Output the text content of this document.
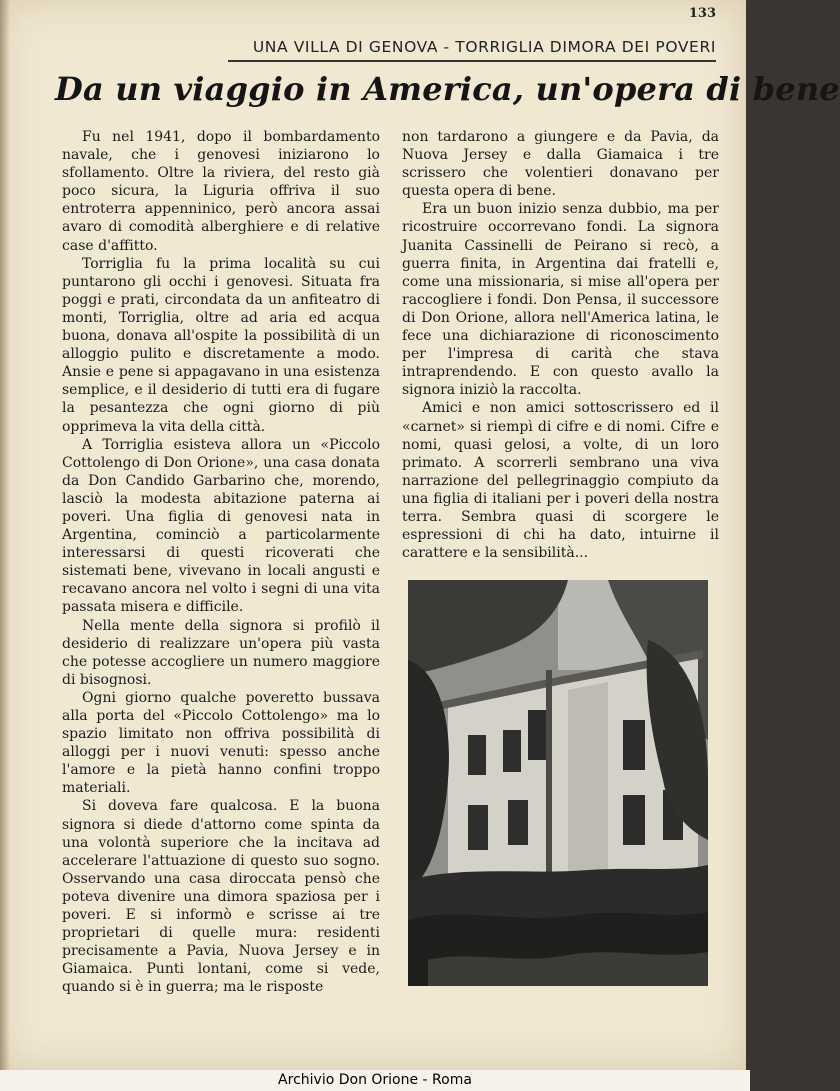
133
UNA VILLA DI GENOVA - TORRIGLIA DIMORA DEI POVERI
Da un viaggio in America, un'opera di bene

Fu nel 1941, dopo il bombardamento navale, che i genovesi iniziarono lo sfollamento. Oltre la riviera, del resto già poco sicura, la Liguria offriva il suo entroterra appenninico, però ancora assai avaro di comodità alberghiere e di relative case d'affitto.

Torriglia fu la prima località su cui puntarono gli occhi i genovesi. Situata fra poggi e prati, circondata da un anfiteatro di monti, Torriglia, oltre ad aria ed acqua buona, donava all'ospite la possibilità di un alloggio pulito e discretamente a modo. Ansie e pene si appagavano in una esistenza semplice, e il desiderio di tutti era di fugare la pesantezza che ogni giorno di più opprimeva la vita della città.

A Torriglia esisteva allora un «Piccolo Cottolengo di Don Orione», una casa donata da Don Candido Garbarino che, morendo, lasciò la modesta abitazione paterna ai poveri. Una figlia di genovesi nata in Argentina, cominciò a particolarmente interessarsi di questi ricoverati che sistemati bene, vivevano in locali angusti e recavano ancora nel volto i segni di una vita passata misera e difficile.

Nella mente della signora si profilò il desiderio di realizzare un'opera più vasta che potesse accogliere un numero maggiore di bisognosi.

Ogni giorno qualche poveretto bussava alla porta del «Piccolo Cottolengo» ma lo spazio limitato non offriva possibilità di alloggi per i nuovi venuti: spesso anche l'amore e la pietà hanno confini troppo materiali.

Si doveva fare qualcosa. E la buona signora si diede d'attorno come spinta da una volontà superiore che la incitava ad accelerare l'attuazione di questo suo sogno. Osservando una casa diroccata pensò che poteva divenire una dimora spaziosa per i poveri. E si informò e scrisse ai tre proprietari di quelle mura: residenti precisamente a Pavia, Nuova Jersey e in Giamaica. Punti lontani, come si vede, quando si è in guerra; ma le risposte

non tardarono a giungere e da Pavia, da Nuova Jersey e dalla Giamaica i tre scrissero che volentieri donavano per questa opera di bene.

Era un buon inizio senza dubbio, ma per ricostruire occorrevano fondi. La signora Juanita Cassinelli de Peirano si recò, a guerra finita, in Argentina dai fratelli e, come una missionaria, si mise all'opera per raccogliere i fondi. Don Pensa, il successore di Don Orione, allora nell'America latina, le fece una dichiarazione di riconoscimento per l'impresa di carità che stava intraprendendo. E con questo avallo la signora iniziò la raccolta.

Amici e non amici sottoscrissero ed il «carnet» si riempì di cifre e di nomi. Cifre e nomi, quasi gelosi, a volte, di un loro primato. A scorrerli sembrano una viva narrazione del pellegrinaggio compiuto da una figlia di italiani per i poveri della nostra terra. Sembra quasi di scorgere le espressioni di chi ha dato, intuirne il carattere e la sensibilità...

Archivio Don Orione - Roma
